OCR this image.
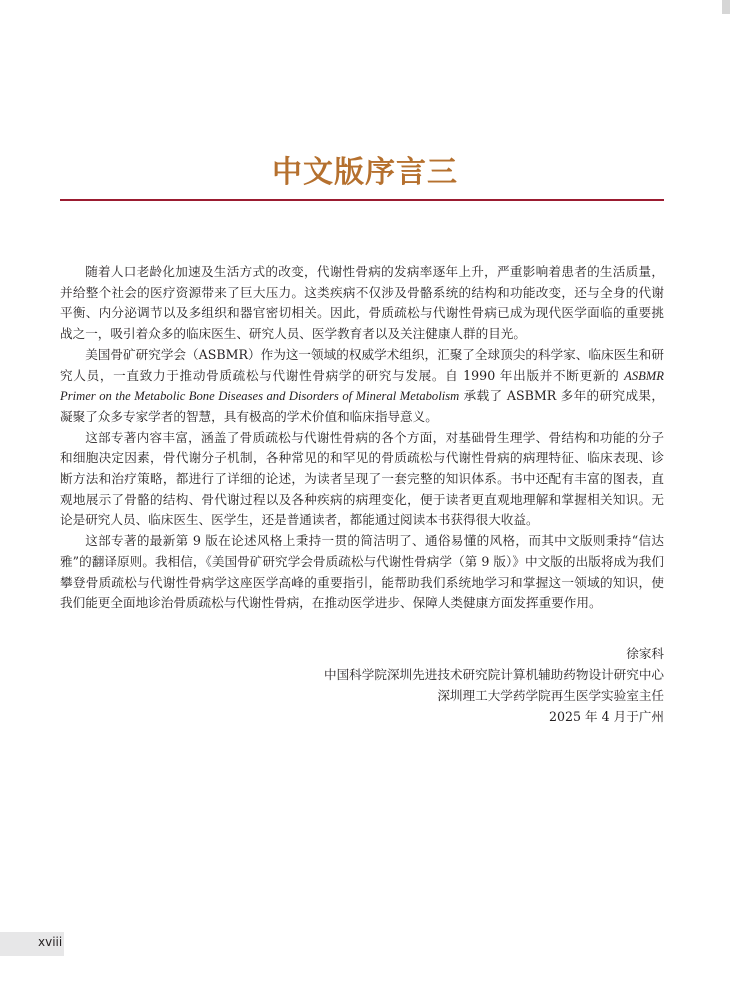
中文版序言三

随着人口老龄化加速及生活方式的改变，代谢性骨病的发病率逐年上升，严重影响着患者的生活质量，并给整个社会的医疗资源带来了巨大压力。这类疾病不仅涉及骨骼系统的结构和功能改变，还与全身的代谢平衡、内分泌调节以及多组织和器官密切相关。因此，骨质疏松与代谢性骨病已成为现代医学面临的重要挑战之一，吸引着众多的临床医生、研究人员、医学教育者以及关注健康人群的目光。

美国骨矿研究学会（ASBMR）作为这一领域的权威学术组织，汇聚了全球顶尖的科学家、临床医生和研究人员，一直致力于推动骨质疏松与代谢性骨病学的研究与发展。自 1990 年出版并不断更新的 ASBMR Primer on the Metabolic Bone Diseases and Disorders of Mineral Metabolism 承载了 ASBMR 多年的研究成果，凝聚了众多专家学者的智慧，具有极高的学术价值和临床指导意义。

这部专著内容丰富，涵盖了骨质疏松与代谢性骨病的各个方面，对基础骨生理学、骨结构和功能的分子和细胞决定因素，骨代谢分子机制，各种常见的和罕见的骨质疏松与代谢性骨病的病理特征、临床表现、诊断方法和治疗策略，都进行了详细的论述，为读者呈现了一套完整的知识体系。书中还配有丰富的图表，直观地展示了骨骼的结构、骨代谢过程以及各种疾病的病理变化，便于读者更直观地理解和掌握相关知识。无论是研究人员、临床医生、医学生，还是普通读者，都能通过阅读本书获得很大收益。

这部专著的最新第 9 版在论述风格上秉持一贯的简洁明了、通俗易懂的风格，而其中文版则秉持“信达雅”的翻译原则。我相信，《美国骨矿研究学会骨质疏松与代谢性骨病学（第 9 版）》中文版的出版将成为我们攀登骨质疏松与代谢性骨病学这座医学高峰的重要指引，能帮助我们系统地学习和掌握这一领域的知识，使我们能更全面地诊治骨质疏松与代谢性骨病，在推动医学进步、保障人类健康方面发挥重要作用。

徐家科
中国科学院深圳先进技术研究院计算机辅助药物设计研究中心
深圳理工大学药学院再生医学实验室主任
2025 年 4 月于广州
xviii
